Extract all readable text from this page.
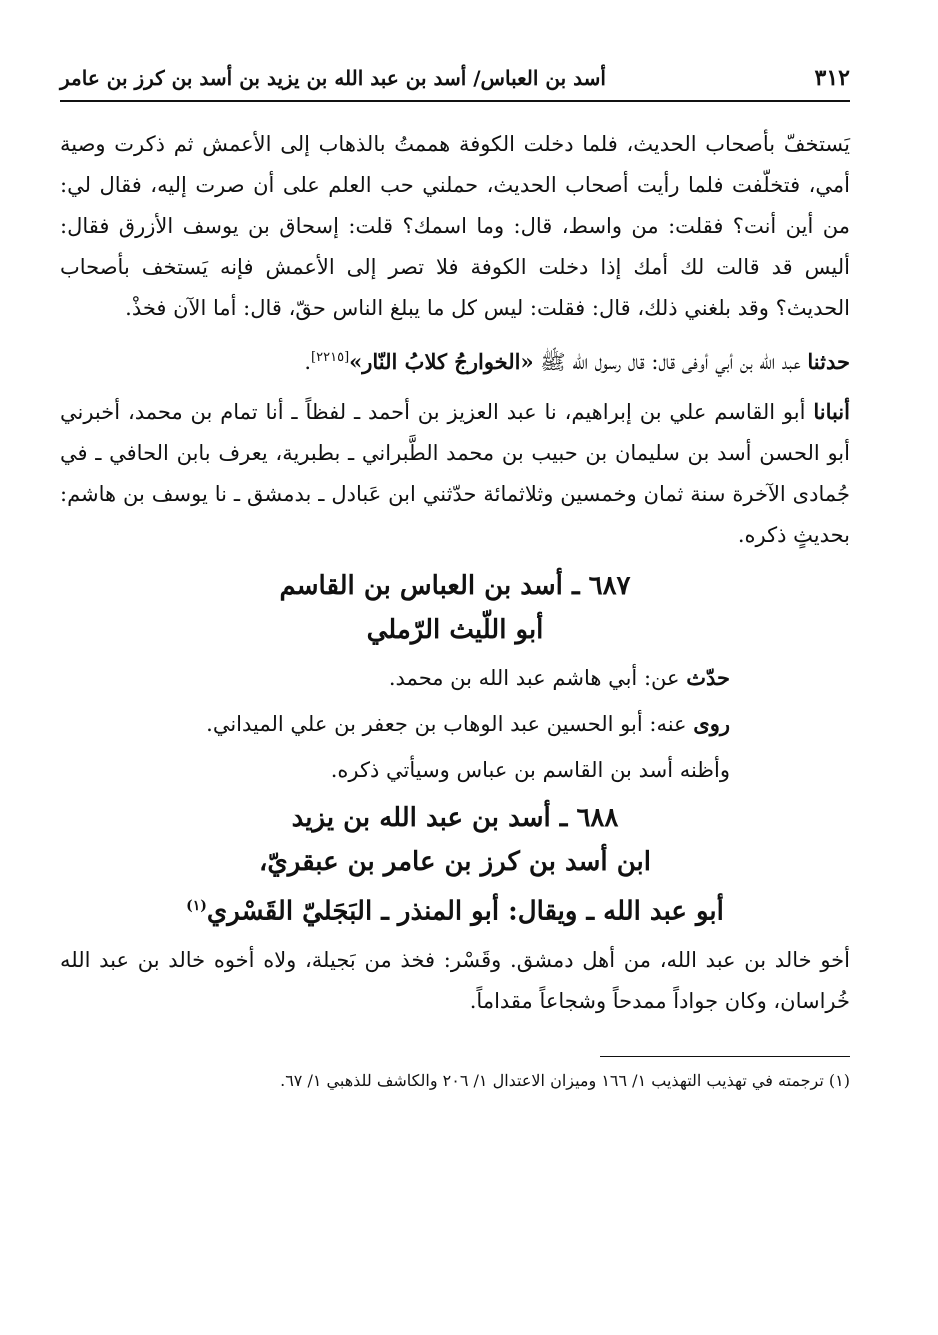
٣١٢
أسد بن العباس/ أسد بن عبد الله بن يزيد بن أسد بن كرز بن عامر

يَستخفّ بأصحاب الحديث، فلما دخلت الكوفة هممتُ بالذهاب إلى الأعمش ثم ذكرت وصية أمي، فتخلّفت فلما رأيت أصحاب الحديث، حملني حب العلم على أن صرت إليه، فقال لي: من أين أنت؟ فقلت: من واسط، قال: وما اسمك؟ قلت: إسحاق بن يوسف الأزرق فقال: أليس قد قالت لك أمك إذا دخلت الكوفة فلا تصر إلى الأعمش فإنه يَستخف بأصحاب الحديث؟ وقد بلغني ذلك، قال: فقلت: ليس كل ما يبلغ الناس حقّ، قال: أما الآن فخذْ.

حدثنا عبد الله بن أبي أوفى قال: قال رسول الله ﷺ «الخوارجُ كلابُ النّار»[٢٢١٥].

أنبانا أبو القاسم علي بن إبراهيم، نا عبد العزيز بن أحمد ـ لفظاً ـ أنا تمام بن محمد، أخبرني أبو الحسن أسد بن سليمان بن حبيب بن محمد الطَّبراني ـ بطبرية، يعرف بابن الحافي ـ في جُمادى الآخرة سنة ثمان وخمسين وثلاثمائة حدّثني ابن عَبادل ـ بدمشق ـ نا يوسف بن هاشم: بحديثٍ ذكره.

٦٨٧ ـ أسد بن العباس بن القاسم
أبو اللّيث الرّملي
حدّث عن: أبي هاشم عبد الله بن محمد.
روى عنه: أبو الحسين عبد الوهاب بن جعفر بن علي الميداني.
وأظنه أسد بن القاسم بن عباس وسيأتي ذكره.
٦٨٨ ـ أسد بن عبد الله بن يزيد
ابن أسد بن كرز بن عامر بن عبقريّ،
أبو عبد الله ـ ويقال: أبو المنذر ـ البَجَليّ القَسْري$^{(١)}$

أخو خالد بن عبد الله، من أهل دمشق. وقَسْر: فخذ من بَجيلة، ولاه أخوه خالد بن عبد الله خُراسان، وكان جواداً ممدحاً وشجاعاً مقداماً.

(١) ترجمته في تهذيب التهذيب ١/ ١٦٦ وميزان الاعتدال ١/ ٢٠٦ والكاشف للذهبي ١/ ٦٧.
